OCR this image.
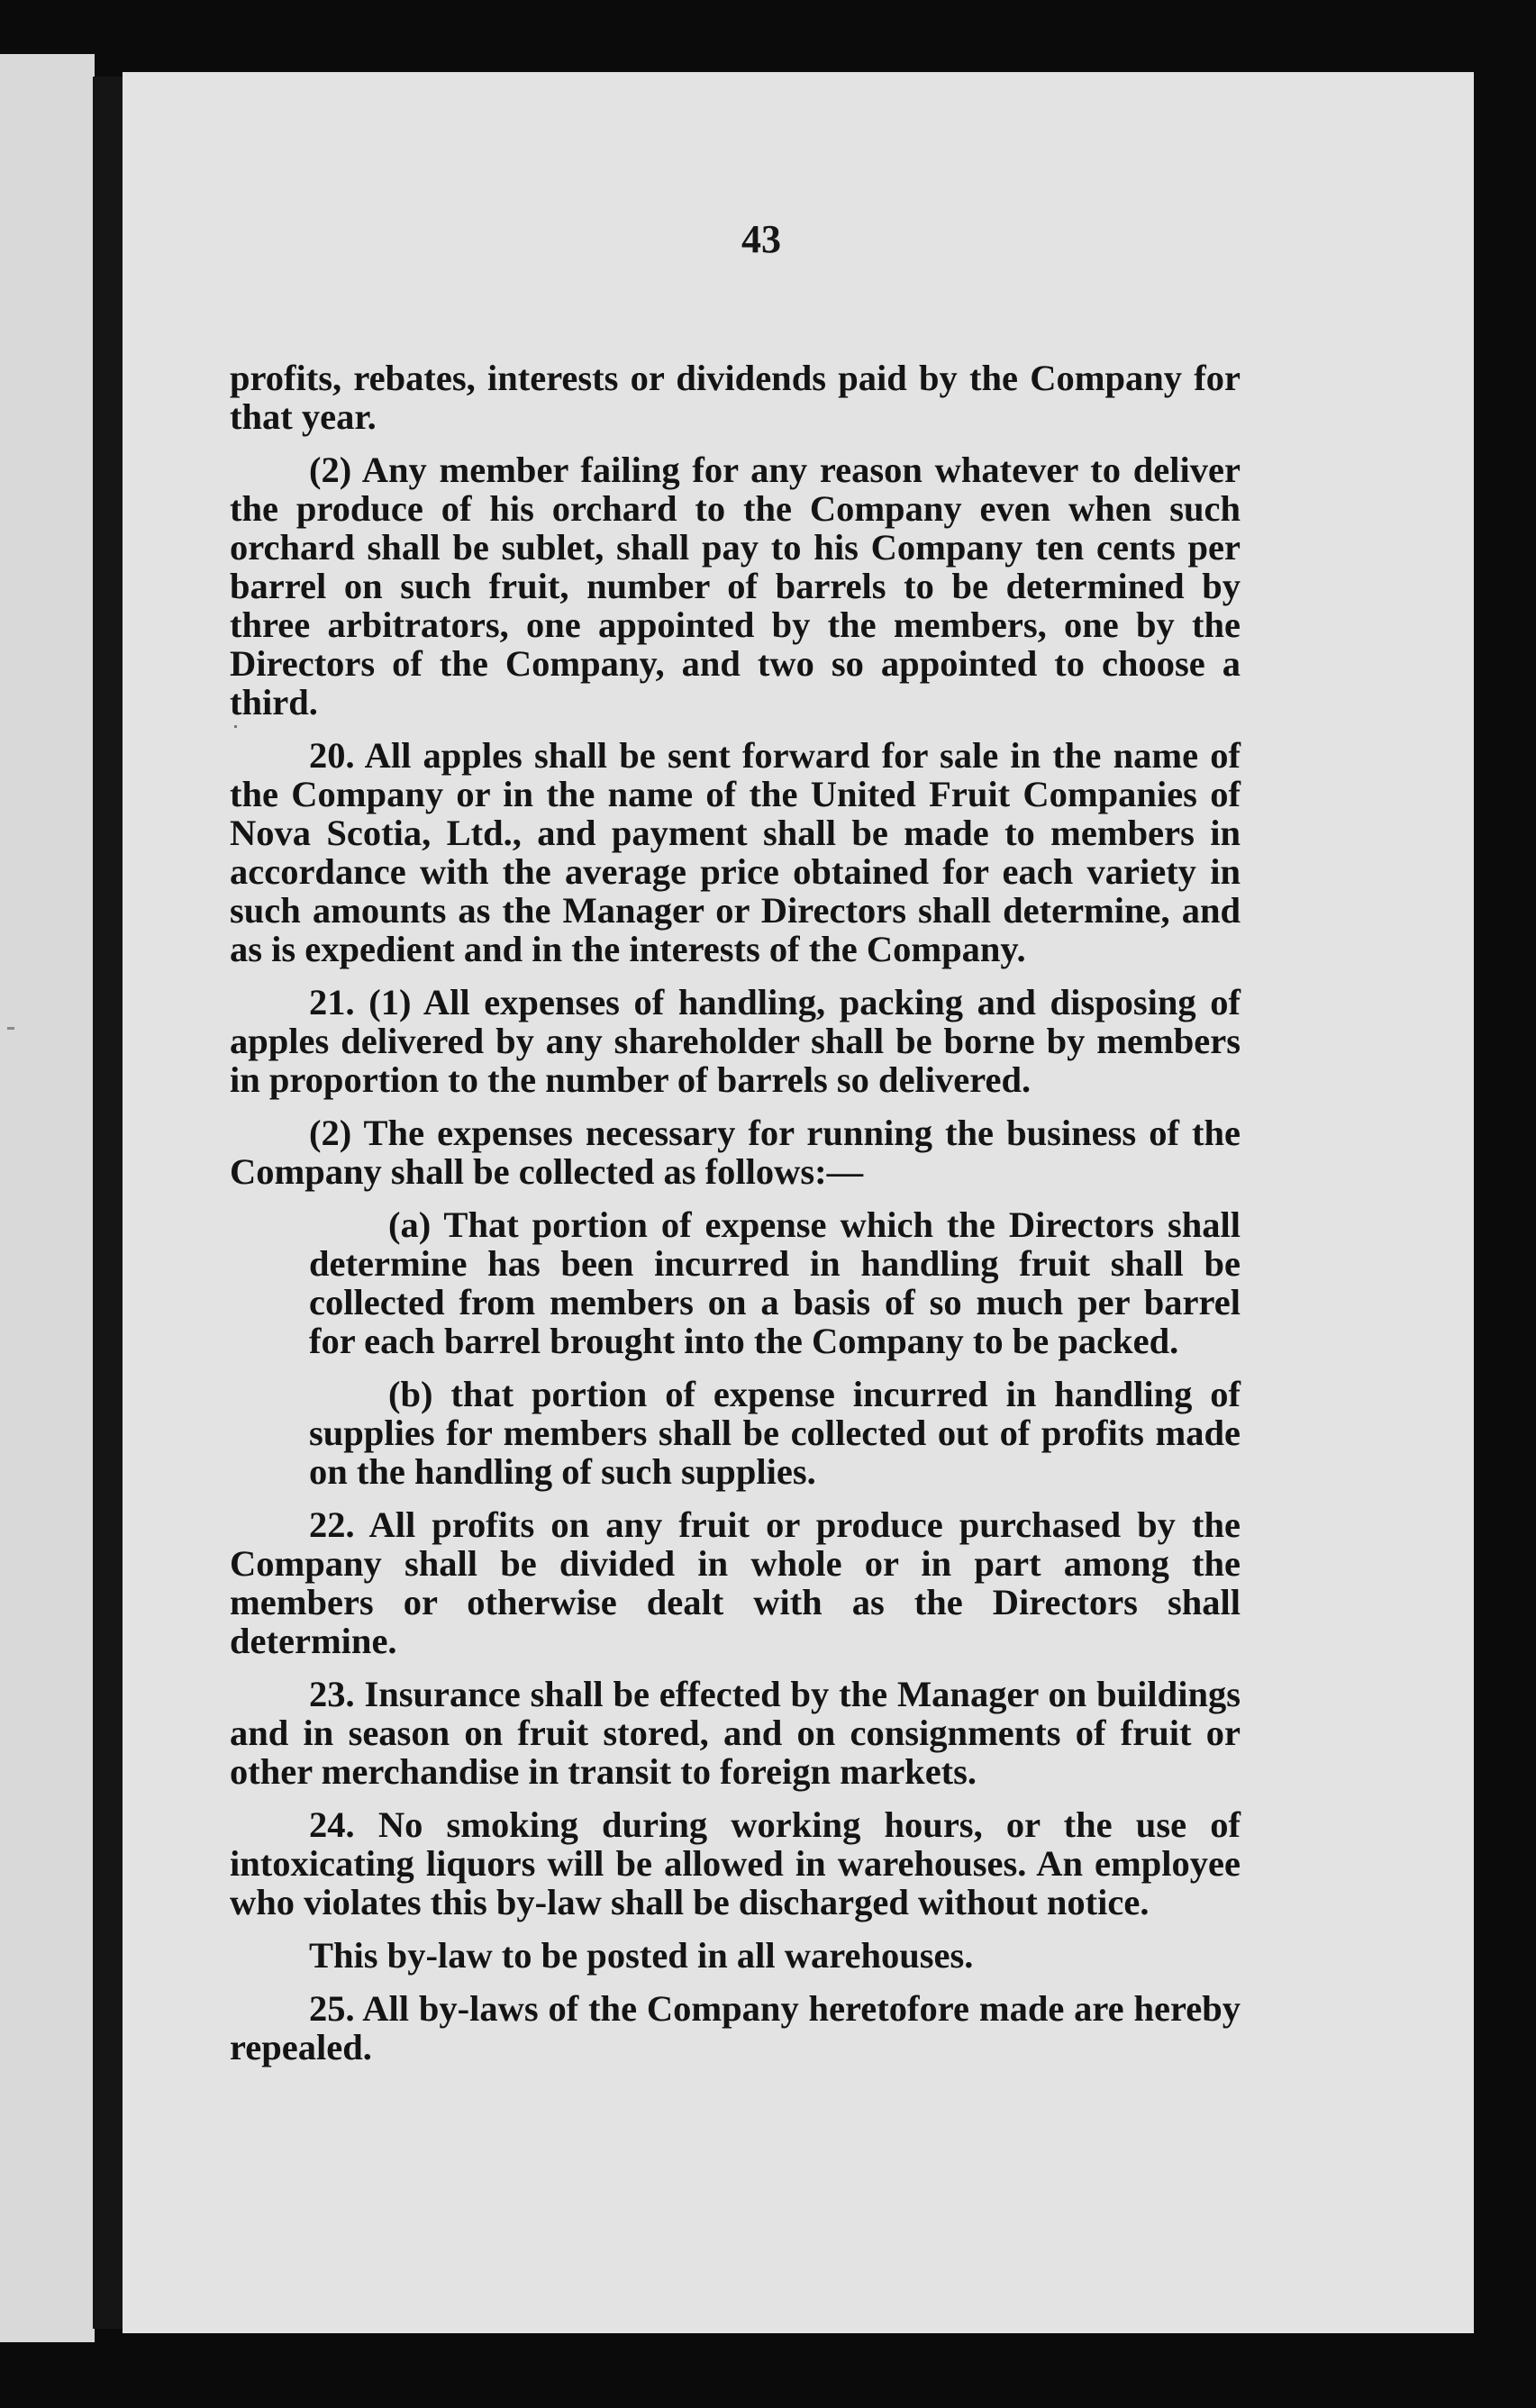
43

profits, rebates, interests or dividends paid by the Company for that year.

(2) Any member failing for any reason whatever to deliver the produce of his orchard to the Company even when such orchard shall be sublet, shall pay to his Company ten cents per barrel on such fruit, number of barrels to be determined by three arbitrators, one appointed by the members, one by the Directors of the Company, and two so appointed to choose a third.

20. All apples shall be sent forward for sale in the name of the Company or in the name of the United Fruit Companies of Nova Scotia, Ltd., and payment shall be made to members in accordance with the average price obtained for each variety in such amounts as the Manager or Directors shall determine, and as is expedient and in the interests of the Company.

21. (1) All expenses of handling, packing and disposing of apples delivered by any shareholder shall be borne by members in proportion to the number of barrels so delivered.

(2) The expenses necessary for running the business of the Company shall be collected as follows:—

(a) That portion of expense which the Directors shall determine has been incurred in handling fruit shall be collected from members on a basis of so much per barrel for each barrel brought into the Company to be packed.

(b) that portion of expense incurred in handling of supplies for members shall be collected out of profits made on the handling of such supplies.

22. All profits on any fruit or produce purchased by the Company shall be divided in whole or in part among the members or otherwise dealt with as the Directors shall determine.

23. Insurance shall be effected by the Manager on buildings and in season on fruit stored, and on consignments of fruit or other merchandise in transit to foreign markets.

24. No smoking during working hours, or the use of intoxicating liquors will be allowed in warehouses. An employee who violates this by-law shall be discharged without notice.

This by-law to be posted in all warehouses.

25. All by-laws of the Company heretofore made are hereby repealed.
